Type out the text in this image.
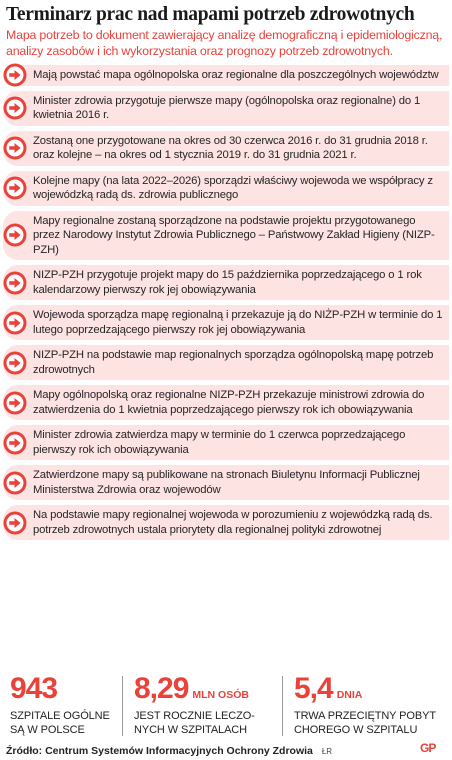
Terminarz prac nad mapami potrzeb zdrowotnych
Mapa potrzeb to dokument zawierający analizę demograficzną i epidemiologiczną, analizy zasobów i ich wykorzystania oraz prognozy potrzeb zdrowotnych.
Mają powstać mapa ogólnopolska oraz regionalne dla poszczególnych województw
Minister zdrowia przygotuje pierwsze mapy (ogólnopolska oraz regionalne) do 1 kwietnia 2016 r.
Zostaną one przygotowane na okres od 30 czerwca 2016 r. do 31 grudnia 2018 r. oraz kolejne – na okres od 1 stycznia 2019 r. do 31 grudnia 2021 r.
Kolejne mapy (na lata 2022–2026) sporządzi właściwy wojewoda we współpracy z wojewódzką radą ds. zdrowia publicznego
Mapy regionalne zostaną sporządzone na podstawie projektu przygotowanego przez Narodowy Instytut Zdrowia Publicznego – Państwowy Zakład Higieny (NIZP-PZH)
NIZP-PZH przygotuje projekt mapy do 15 października poprzedzającego o 1 rok kalendarzowy pierwszy rok jej obowiązywania
Wojewoda sporządza mapę regionalną i przekazuje ją do NIŻP-PZH w terminie do 1 lutego poprzedzającego pierwszy rok jej obowiązywania
NIZP-PZH na podstawie map regionalnych sporządza ogólnopolską mapę potrzeb zdrowotnych
Mapy ogólnopolską oraz regionalne NIZP-PZH przekazuje ministrowi zdrowia do zatwierdzenia do 1 kwietnia poprzedzającego pierwszy rok ich obowiązywania
Minister zdrowia zatwierdza mapy w terminie do 1 czerwca poprzedzającego pierwszy rok ich obowiązywania
Zatwierdzone mapy są publikowane na stronach Biuletynu Informacji Publicznej Ministerstwa Zdrowia oraz wojewodów
Na podstawie mapy regionalnej wojewoda w porozumieniu z wojewódzką radą ds. potrzeb zdrowotnych ustala priorytety dla regionalnej polityki zdrowotnej
943
SZPITALE OGÓLNE
SĄ W POLSCE
8,29 MLN OSÓB
JEST ROCZNIE LECZO-
NYCH W SZPITALACH
5,4 DNIA
TRWA PRZECIĘTNY POBYT
CHOREGO W SZPITALU
Źródło: Centrum Systemów Informacyjnych Ochrony Zdrowia ŁR	GP
